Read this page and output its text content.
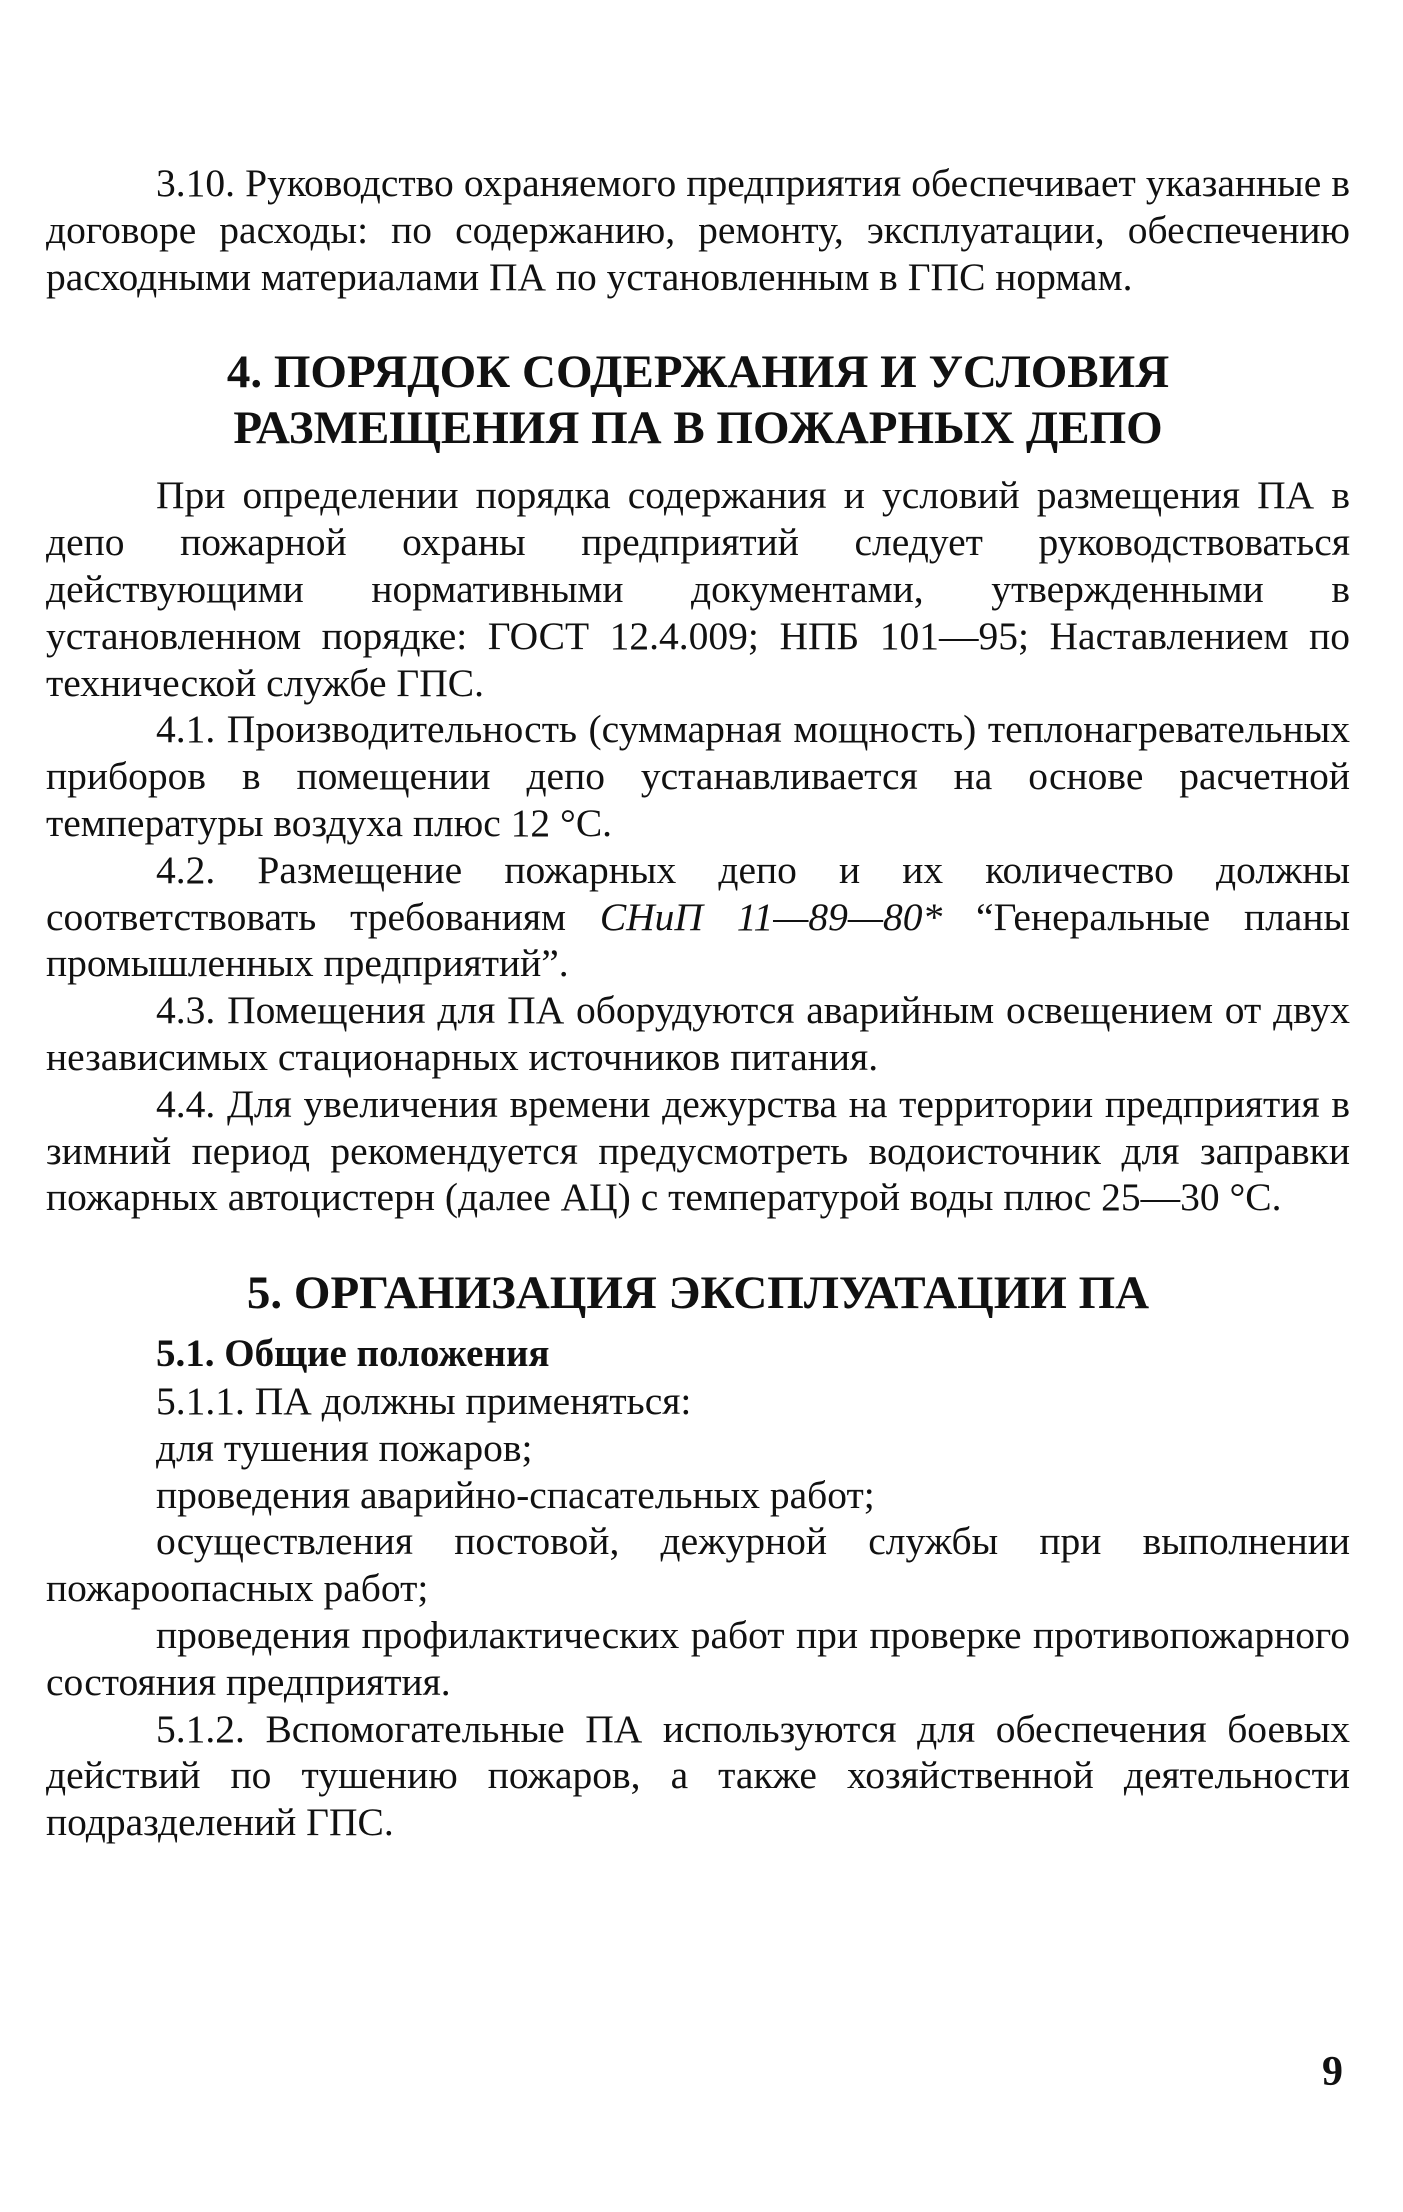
3.10. Руководство охраняемого предприятия обеспечивает указанные в договоре расходы: по содержанию, ремонту, эксплуатации, обеспечению расходными материалами ПА по установленным в ГПС нормам.

4. ПОРЯДОК СОДЕРЖАНИЯ И УСЛОВИЯ

РАЗМЕЩЕНИЯ ПА В ПОЖАРНЫХ ДЕПО

При определении порядка содержания и условий размещения ПА в депо пожарной охраны предприятий следует руководствоваться действующими нормативными документами, утвержденными в установленном порядке: ГОСТ 12.4.009; НПБ 101—95; Наставлением по технической службе ГПС.

4.1. Производительность (суммарная мощность) теплонагревательных приборов в помещении депо устанавливается на основе расчетной температуры воздуха плюс 12 °С.

4.2. Размещение пожарных депо и их количество должны соответствовать требованиям СНиП 11—89—80* “Генеральные планы промышленных предприятий”.

4.3. Помещения для ПА оборудуются аварийным освещением от двух независимых стационарных источников питания.

4.4. Для увеличения времени дежурства на территории предприятия в зимний период рекомендуется предусмотреть водоисточник для заправки пожарных автоцистерн (далее АЦ) с температурой воды плюс 25—30 °С.

5. ОРГАНИЗАЦИЯ ЭКСПЛУАТАЦИИ ПА

5.1. Общие положения

5.1.1. ПА должны применяться:

для тушения пожаров;

проведения аварийно-спасательных работ;

осуществления постовой, дежурной службы при выполнении пожароопасных работ;

проведения профилактических работ при проверке противопожарного состояния предприятия.

5.1.2. Вспомогательные ПА используются для обеспечения боевых действий по тушению пожаров, а также хозяйственной деятельности подразделений ГПС.

9
